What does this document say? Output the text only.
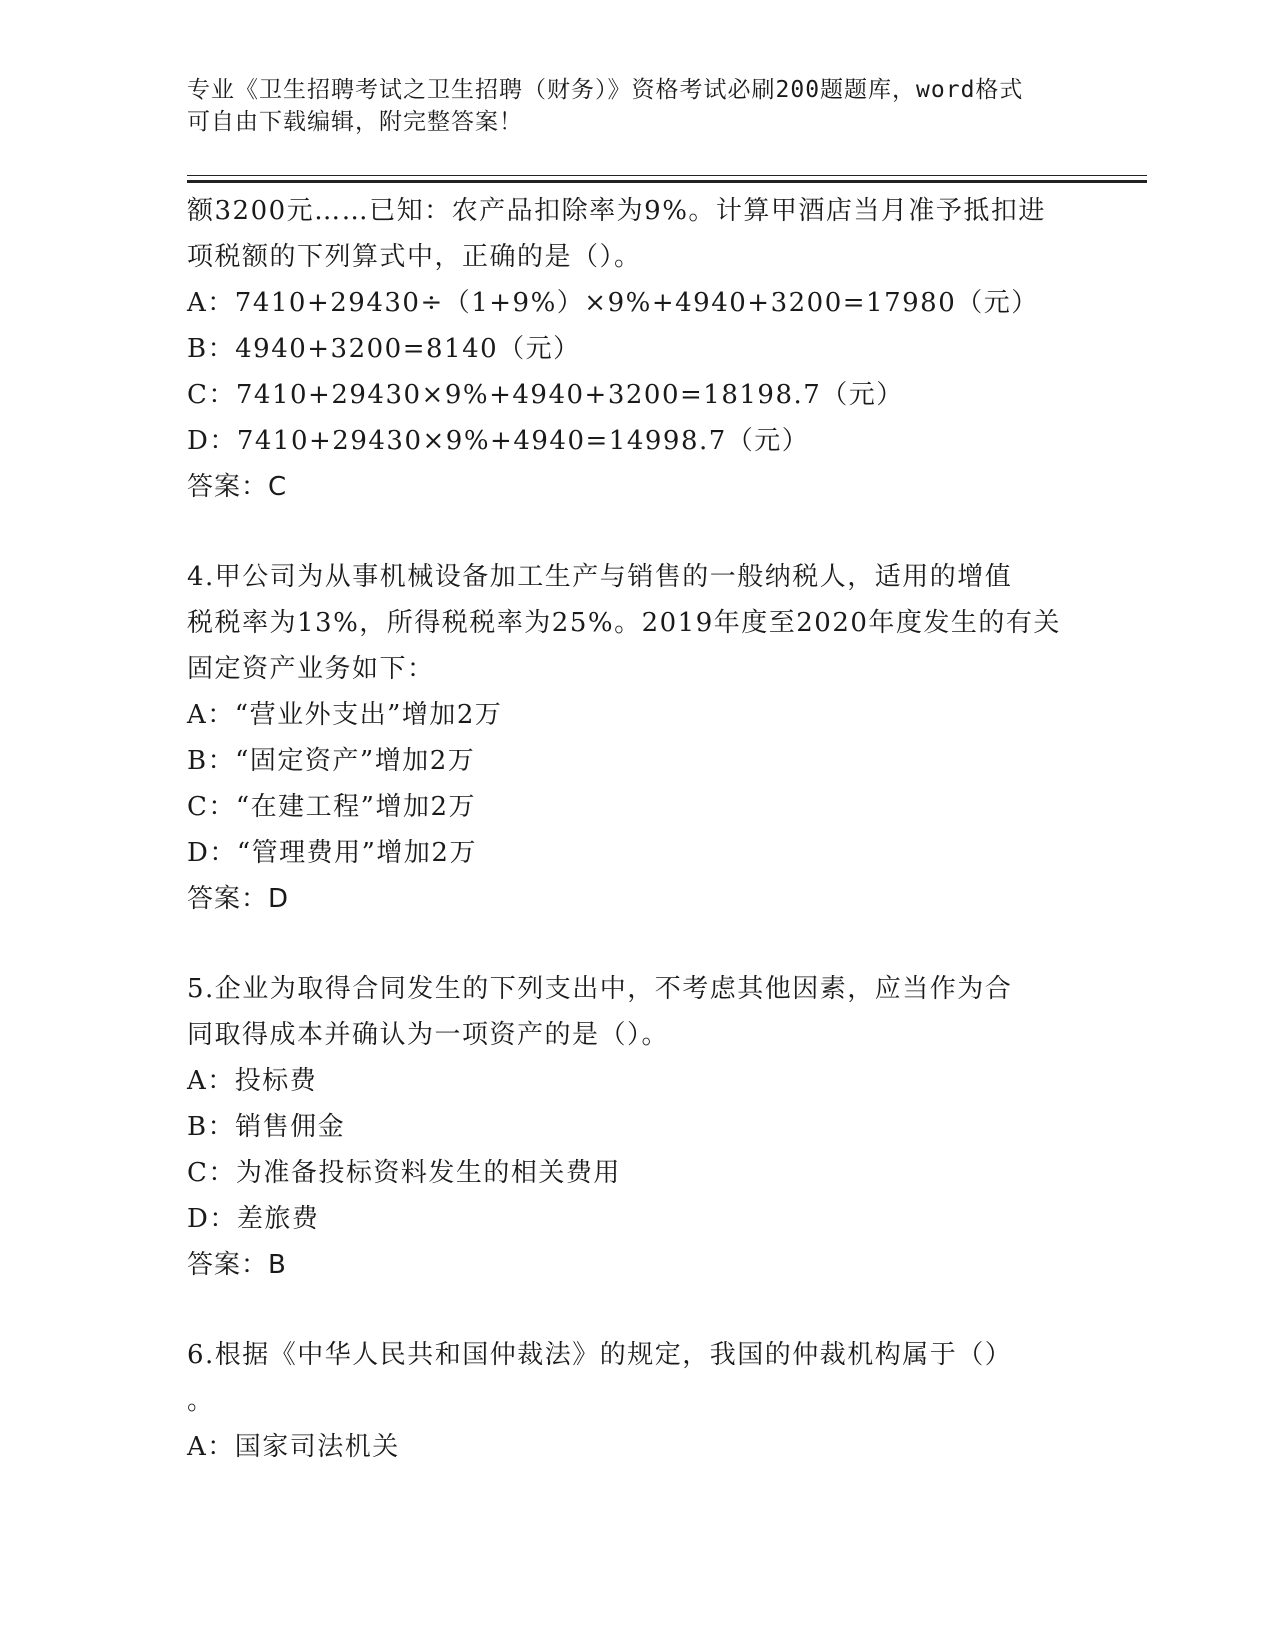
专业《卫生招聘考试之卫生招聘（财务）》资格考试必刷200题题库，word格式
可自由下载编辑，附完整答案！
额3200元……已知：农产品扣除率为9%。计算甲酒店当月准予抵扣进
项税额的下列算式中，正确的是（）。
A：7410+29430÷（1+9%）×9%+4940+3200=17980（元）
B：4940+3200=8140（元）
C：7410+29430×9%+4940+3200=18198.7（元）
D：7410+29430×9%+4940=14998.7（元）
答案：C
4.甲公司为从事机械设备加工生产与销售的一般纳税人，适用的增值
税税率为13%，所得税税率为25%。2019年度至2020年度发生的有关
固定资产业务如下：
A：“营业外支出”增加2万
B：“固定资产”增加2万
C：“在建工程”增加2万
D：“管理费用”增加2万
答案：D
5.企业为取得合同发生的下列支出中，不考虑其他因素，应当作为合
同取得成本并确认为一项资产的是（）。
A：投标费
B：销售佣金
C：为准备投标资料发生的相关费用
D：差旅费
答案：B
6.根据《中华人民共和国仲裁法》的规定，我国的仲裁机构属于（）
。
A：国家司法机关
